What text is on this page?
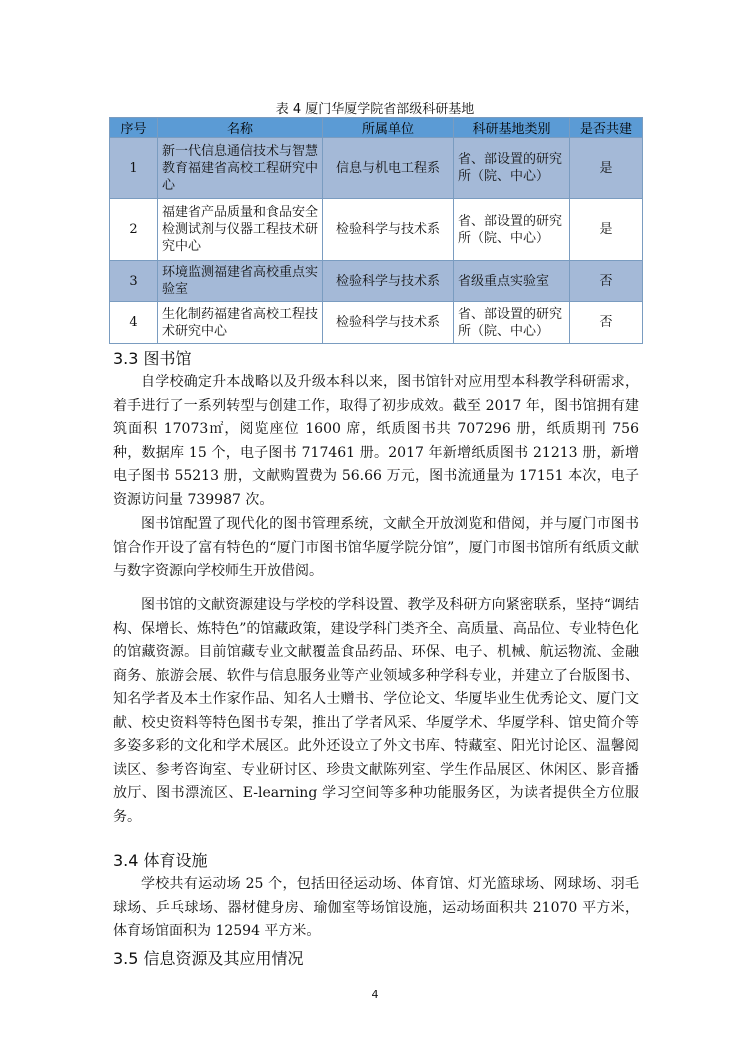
表 4 厦门华厦学院省部级科研基地
序号	名称	所属单位	科研基地类别	是否共建
1	新一代信息通信技术与智慧教育福建省高校工程研究中心	信息与机电工程系	省、部设置的研究所（院、中心）	是
2	福建省产品质量和食品安全检测试剂与仪器工程技术研究中心	检验科学与技术系	省、部设置的研究所（院、中心）	是
3	环境监测福建省高校重点实验室	检验科学与技术系	省级重点实验室	否
4	生化制药福建省高校工程技术研究中心	检验科学与技术系	省、部设置的研究所（院、中心）	否
3.3 图书馆

自学校确定升本战略以及升级本科以来，图书馆针对应用型本科教学科研需求，着手进行了一系列转型与创建工作，取得了初步成效。截至 2017 年，图书馆拥有建筑面积 17073㎡，阅览座位 1600 席，纸质图书共 707296 册，纸质期刊 756 种，数据库 15 个，电子图书 717461 册。2017 年新增纸质图书 21213 册，新增电子图书 55213 册，文献购置费为 56.66 万元，图书流通量为 17151 本次，电子资源访问量 739987 次。

图书馆配置了现代化的图书管理系统，文献全开放浏览和借阅，并与厦门市图书馆合作开设了富有特色的“厦门市图书馆华厦学院分馆”，厦门市图书馆所有纸质文献与数字资源向学校师生开放借阅。

图书馆的文献资源建设与学校的学科设置、教学及科研方向紧密联系，坚持“调结构、保增长、炼特色”的馆藏政策，建设学科门类齐全、高质量、高品位、专业特色化的馆藏资源。目前馆藏专业文献覆盖食品药品、环保、电子、机械、航运物流、金融商务、旅游会展、软件与信息服务业等产业领域多种学科专业，并建立了台版图书、知名学者及本土作家作品、知名人士赠书、学位论文、华厦毕业生优秀论文、厦门文献、校史资料等特色图书专架，推出了学者风采、华厦学术、华厦学科、馆史简介等多姿多彩的文化和学术展区。此外还设立了外文书库、特藏室、阳光讨论区、温馨阅读区、参考咨询室、专业研讨区、珍贵文献陈列室、学生作品展区、休闲区、影音播放厅、图书漂流区、E-learning 学习空间等多种功能服务区，为读者提供全方位服务。

3.4 体育设施

学校共有运动场 25 个，包括田径运动场、体育馆、灯光篮球场、网球场、羽毛球场、乒乓球场、器材健身房、瑜伽室等场馆设施，运动场面积共 21070 平方米，体育场馆面积为 12594 平方米。

3.5 信息资源及其应用情况
4
